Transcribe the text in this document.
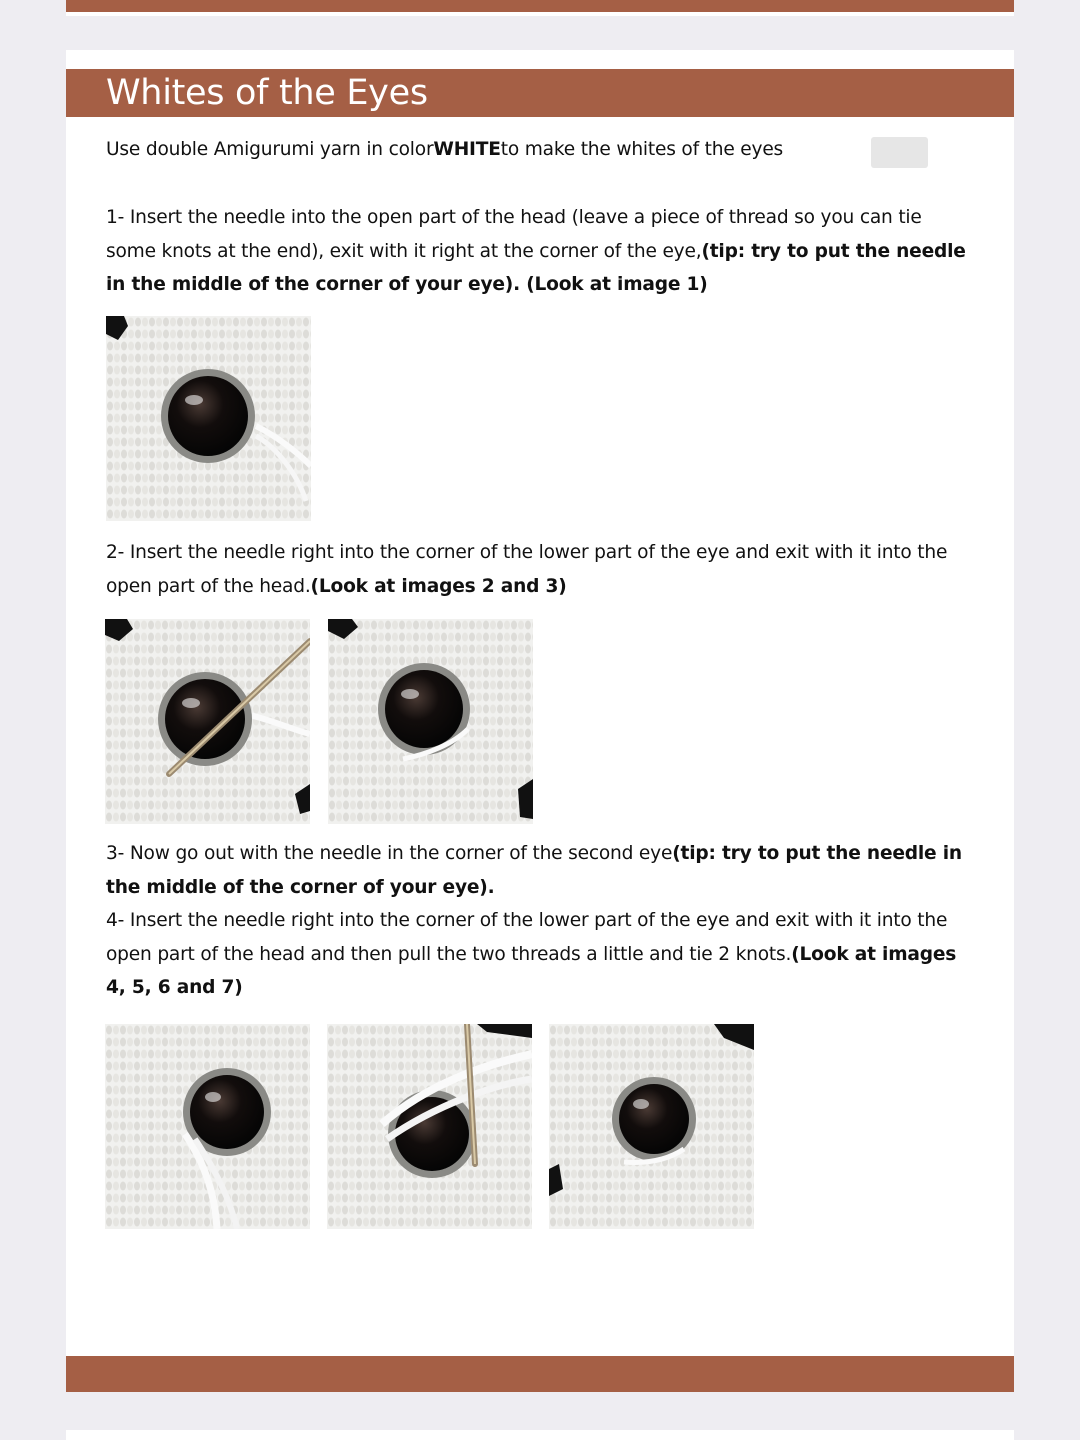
Whites of the Eyes

Use double Amigurumi yarn in colorWHITEto make the whites of the eyes

1- Insert the needle into the open part of the head (leave a piece of thread so you can tie some knots at the end), exit with it right at the corner of the eye,(tip: try to put the needle in the middle of the corner of your eye). (Look at image 1)

2- Insert the needle right into the corner of the lower part of the eye and exit with it into the open part of the head.(Look at images 2 and 3)

3- Now go out with the needle in the corner of the second eye(tip: try to put the needle in the middle of the corner of your eye).

4- Insert the needle right into the corner of the lower part of the eye and exit with it into the open part of the head and then pull the two threads a little and tie 2 knots.(Look at images 4, 5, 6 and 7)
